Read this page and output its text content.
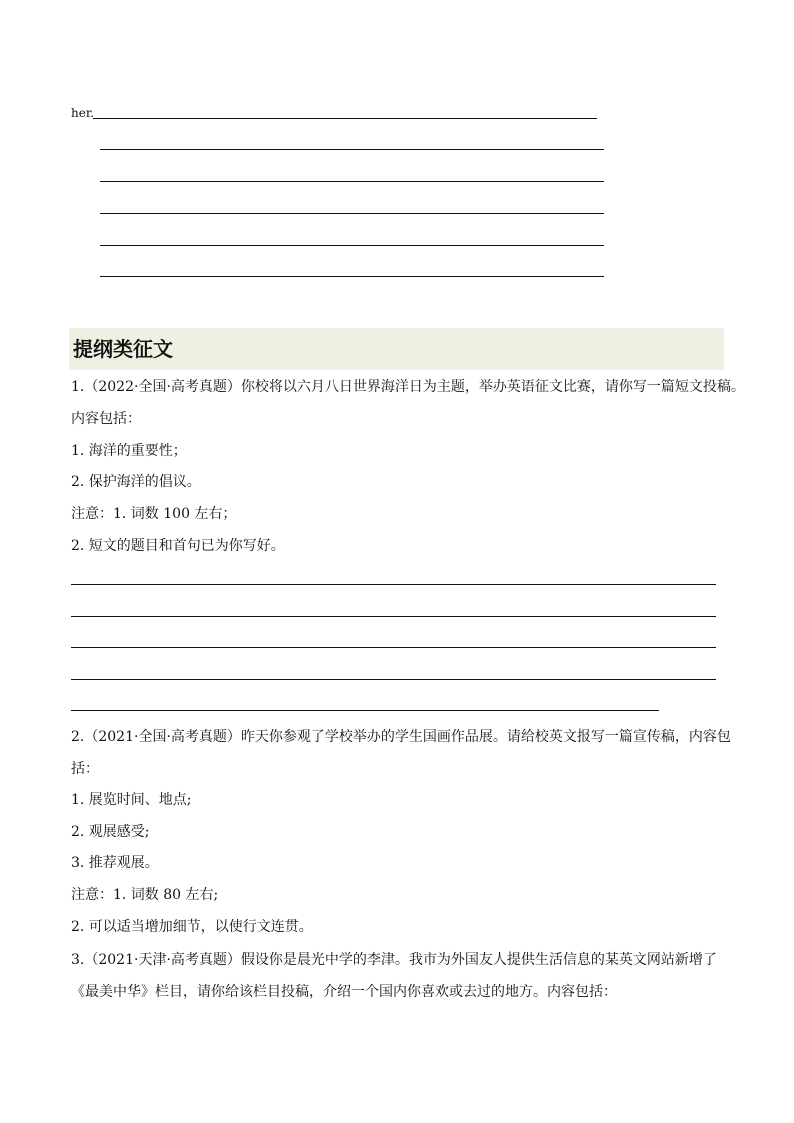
her.
提纲类征文
1.（2022·全国·高考真题）你校将以六月八日世界海洋日为主题，举办英语征文比赛，请你写一篇短文投稿。
内容包括：
1. 海洋的重要性；
2. 保护海洋的倡议。
注意：1. 词数 100 左右；
2. 短文的题目和首句已为你写好。
2.（2021·全国·高考真题）昨天你参观了学校举办的学生国画作品展。请给校英文报写一篇宣传稿，内容包
括：
1. 展览时间、地点;
2. 观展感受;
3. 推荐观展。
注意：1. 词数 80 左右;
2. 可以适当增加细节，以使行文连贯。
3.（2021·天津·高考真题）假设你是晨光中学的李津。我市为外国友人提供生活信息的某英文网站新增了
《最美中华》栏目，请你给该栏目投稿，介绍一个国内你喜欢或去过的地方。内容包括：
